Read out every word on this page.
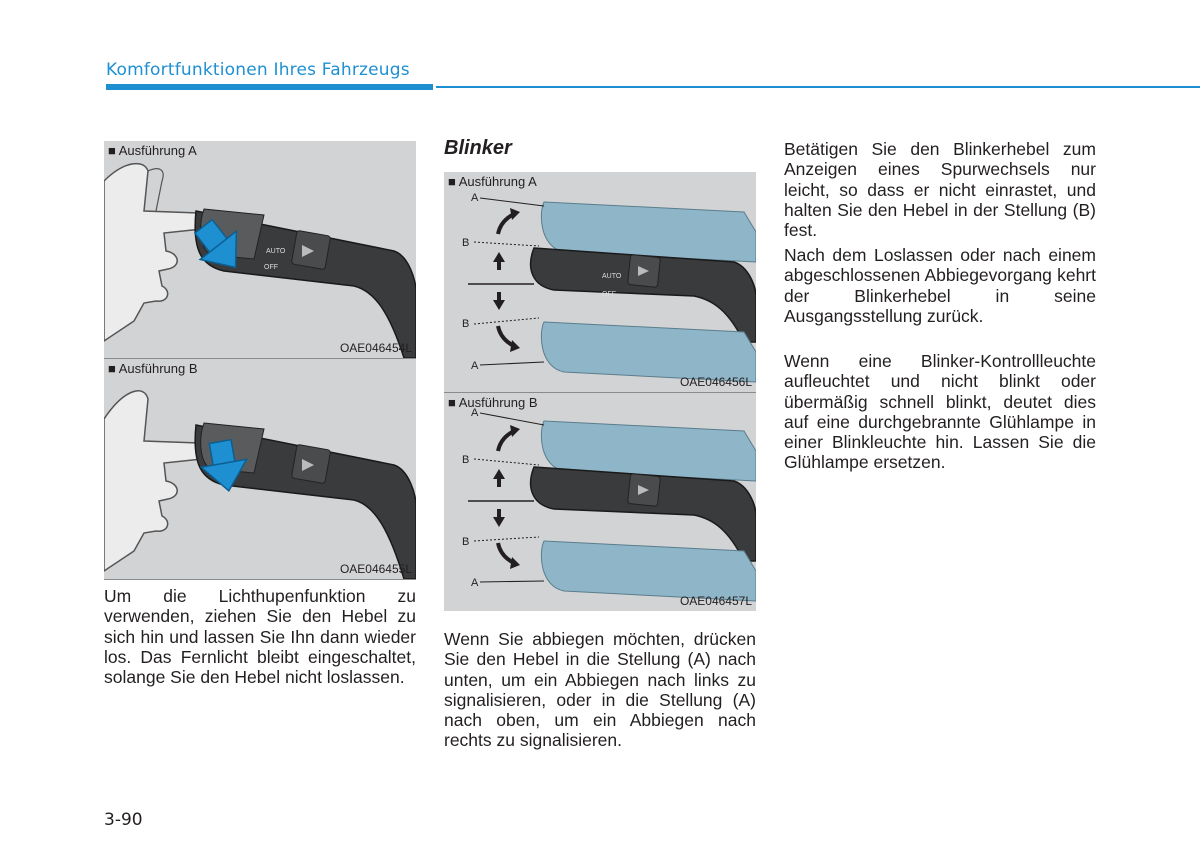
Komfortfunktionen Ihres Fahrzeugs
■ Ausführung A
AUTO
OFF
OAE046454L
■ Ausführung B
OAE046455L

Um die Lichthupenfunktion zu verwenden, ziehen Sie den Hebel zu sich hin und lassen Sie Ihn dann wieder los. Das Fernlicht bleibt eingeschaltet, solange Sie den Hebel nicht loslassen.

Blinker
■ Ausführung A
AUTO
OFF
A
B
B
A
OAE046456L
■ Ausführung B
A
B
B
A
OAE046457L

Wenn Sie abbiegen möchten, drücken Sie den Hebel in die Stellung (A) nach unten, um ein Abbiegen nach links zu signalisieren, oder in die Stellung (A) nach oben, um ein Abbiegen nach rechts zu signalisieren.

Betätigen Sie den Blinkerhebel zum Anzeigen eines Spurwechsels nur leicht, so dass er nicht einrastet, und halten Sie den Hebel in der Stellung (B) fest.

Nach dem Loslassen oder nach einem abgeschlossenen Abbiegevorgang kehrt der Blinkerhebel in seine Ausgangsstellung zurück.

Wenn eine Blinker-Kontrollleuchte aufleuchtet und nicht blinkt oder übermäßig schnell blinkt, deutet dies auf eine durchgebrannte Glühlampe in einer Blinkleuchte hin. Lassen Sie die Glühlampe ersetzen.

3-90
